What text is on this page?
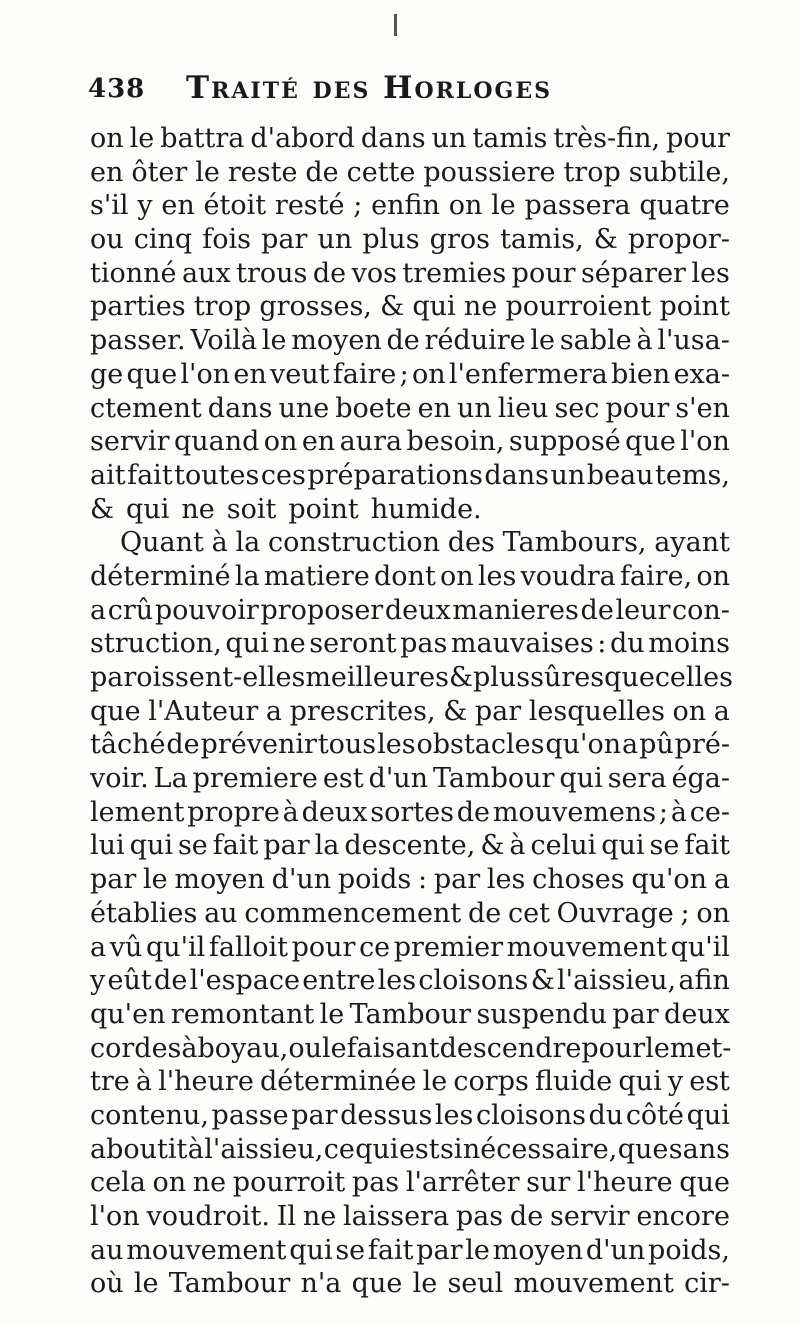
438 Traité des Horloges
on le battra d'abord dans un tamis très-fin, pour
en ôter le reste de cette poussiere trop subtile,
s'il y en étoit resté ; enfin on le passera quatre
ou cinq fois par un plus gros tamis, & propor-
tionné aux trous de vos tremies pour séparer les
parties trop grosses, & qui ne pourroient point
passer. Voilà le moyen de réduire le sable à l'usa-
ge que l'on en veut faire ; on l'enfermera bien exa-
ctement dans une boete en un lieu sec pour s'en
servir quand on en aura besoin, supposé que l'on
ait fait toutes ces préparations dans un beau tems,
& qui ne soit point humide.
Quant à la construction des Tambours, ayant
déterminé la matiere dont on les voudra faire, on
a crû pouvoir proposer deux manieres de leur con-
struction, qui ne seront pas mauvaises : du moins
paroissent-elles meilleures & plus sûres que celles
que l'Auteur a prescrites, & par lesquelles on a
tâché de prévenir tous les obstacles qu'on a pû pré-
voir. La premiere est d'un Tambour qui sera éga-
lement propre à deux sortes de mouvemens ; à ce-
lui qui se fait par la descente, & à celui qui se fait
par le moyen d'un poids : par les choses qu'on a
établies au commencement de cet Ouvrage ; on
a vû qu'il falloit pour ce premier mouvement qu'il
y eût de l'espace entre les cloisons & l'aissieu, afin
qu'en remontant le Tambour suspendu par deux
cordes à boyau, ou le faisant descendre pour le met-
tre à l'heure déterminée le corps fluide qui y est
contenu, passe par dessus les cloisons du côté qui
aboutit à l'aissieu, ce qui est si nécessaire, que sans
cela on ne pourroit pas l'arrêter sur l'heure que
l'on voudroit. Il ne laissera pas de servir encore
au mouvement qui se fait par le moyen d'un poids,
où le Tambour n'a que le seul mouvement cir-
